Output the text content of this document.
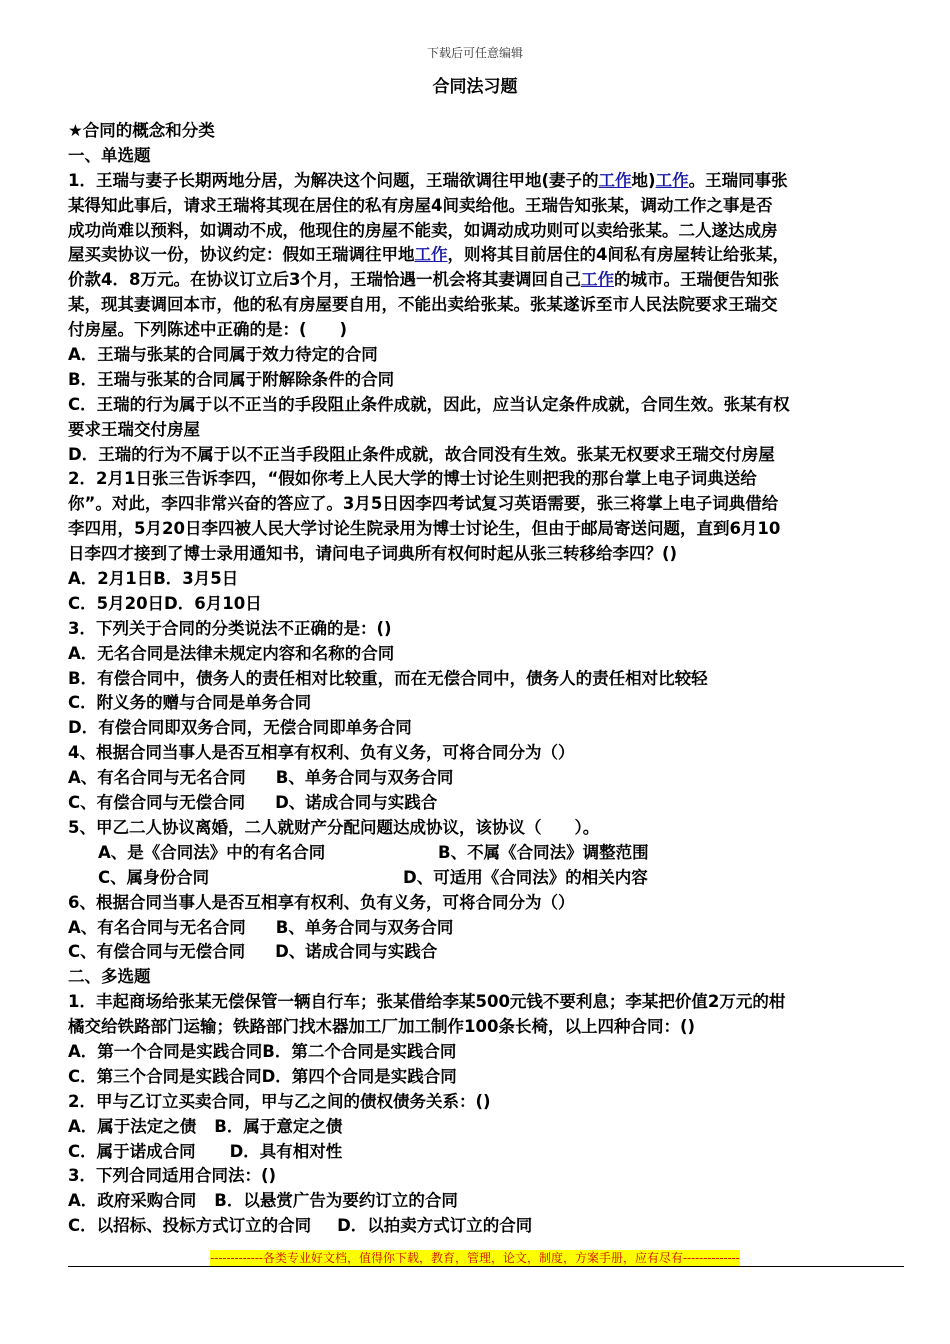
下载后可任意编辑
合同法习题
★合同的概念和分类
一、单选题
1．王瑞与妻子长期两地分居，为解决这个问题，王瑞欲调往甲地(妻子的工作地)工作。王瑞同事张
某得知此事后，请求王瑞将其现在居住的私有房屋4间卖给他。王瑞告知张某，调动工作之事是否
成功尚难以预料，如调动不成，他现住的房屋不能卖，如调动成功则可以卖给张某。二人遂达成房
屋买卖协议一份，协议约定：假如王瑞调往甲地工作，则将其目前居住的4间私有房屋转让给张某，
价款4．8万元。在协议订立后3个月，王瑞恰遇一机会将其妻调回自己工作的城市。王瑞便告知张
某，现其妻调回本市，他的私有房屋要自用，不能出卖给张某。张某遂诉至市人民法院要求王瑞交
付房屋。下列陈述中正确的是：(　　)
A．王瑞与张某的合同属于效力待定的合同
B．王瑞与张某的合同属于附解除条件的合同
C．王瑞的行为属于以不正当的手段阻止条件成就，因此，应当认定条件成就，合同生效。张某有权
要求王瑞交付房屋
D．王瑞的行为不属于以不正当手段阻止条件成就，故合同没有生效。张某无权要求王瑞交付房屋
2．2月1日张三告诉李四，“假如你考上人民大学的博士讨论生则把我的那台掌上电子词典送给
你”。对此，李四非常兴奋的答应了。3月5日因李四考试复习英语需要，张三将掌上电子词典借给
李四用，5月20日李四被人民大学讨论生院录用为博士讨论生，但由于邮局寄送问题，直到6月10
日李四才接到了博士录用通知书，请问电子词典所有权何时起从张三转移给李四？()
A．2月1日B．3月5日
C．5月20日D．6月10日
3．下列关于合同的分类说法不正确的是：()
A．无名合同是法律未规定内容和名称的合同
B．有偿合同中，债务人的责任相对比较重，而在无偿合同中，债务人的责任相对比较轻
C．附义务的赠与合同是单务合同
D．有偿合同即双务合同，无偿合同即单务合同
4、根据合同当事人是否互相享有权利、负有义务，可将合同分为（）
A、有名合同与无名合同 B、单务合同与双务合同
C、有偿合同与无偿合同 D、诺成合同与实践合
5、甲乙二人协议离婚，二人就财产分配问题达成协议，该协议（　　）。
A、是《合同法》中的有名合同	B、不属《合同法》调整范围
C、属身份合同	D、可适用《合同法》的相关内容
6、根据合同当事人是否互相享有权利、负有义务，可将合同分为（）
A、有名合同与无名合同 B、单务合同与双务合同
C、有偿合同与无偿合同 D、诺成合同与实践合
二、多选题
1．丰起商场给张某无偿保管一辆自行车；张某借给李某500元钱不要利息；李某把价值2万元的柑
橘交给铁路部门运输；铁路部门找木器加工厂加工制作100条长椅，以上四种合同：()
A．第一个合同是实践合同B．第二个合同是实践合同
C．第三个合同是实践合同D．第四个合同是实践合同
2．甲与乙订立买卖合同，甲与乙之间的债权债务关系：()
A．属于法定之债 B．属于意定之债
C．属于诺成合同 D．具有相对性
3．下列合同适用合同法：()
A．政府采购合同 B．以悬赏广告为要约订立的合同
C．以招标、投标方式订立的合同 D．以拍卖方式订立的合同
-------------各类专业好文档，值得你下载，教育，管理，论文，制度，方案手册，应有尽有--------------
